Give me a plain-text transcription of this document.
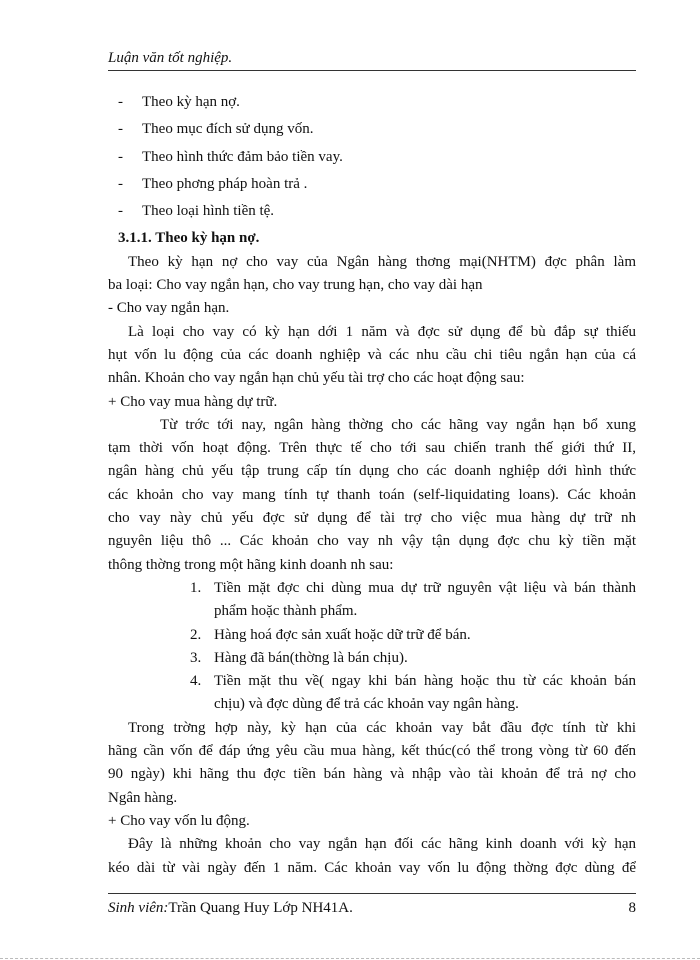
Luận văn tốt nghiệp.
- Theo kỳ hạn nợ.
- Theo mục đích sử dụng vốn.
- Theo hình thức đảm bảo tiền vay.
- Theo phơng pháp hoàn trả .
- Theo loại hình tiền tệ.
3.1.1. Theo kỳ hạn nợ.
Theo kỳ hạn nợ cho vay của Ngân hàng thơng mại(NHTM) đợc phân làm
ba loại: Cho vay ngắn hạn, cho vay trung hạn, cho vay dài hạn
- Cho vay ngắn hạn.
Là loại cho vay có kỳ hạn dới 1 năm và đợc sử dụng để bù đắp sự thiếu
hụt vốn lu động của các doanh nghiệp và các nhu cầu chi tiêu ngắn hạn của cá
nhân. Khoản cho vay ngắn hạn chủ yếu tài trợ cho các hoạt động sau:
+ Cho vay mua hàng dự trữ.
Từ trớc tới nay, ngân hàng thờng cho các hãng vay ngắn hạn bổ xung
tạm thời vốn hoạt động. Trên thực tế cho tới sau chiến tranh thế giới thứ II,
ngân hàng chủ yếu tập trung cấp tín dụng cho các doanh nghiệp dới hình thức
các khoản cho vay mang tính tự thanh toán (self-liquidating loans). Các khoản
cho vay này chủ yếu đợc sử dụng để tài trợ cho việc mua hàng dự trữ nh
nguyên liệu thô ... Các khoản cho vay nh vậy tận dụng đợc chu kỳ tiền mặt
thông thờng trong một hãng kinh doanh nh sau:
1. Tiền mặt đợc chi dùng mua dự trữ nguyên vật liệu và bán thành
phẩm hoặc thành phẩm.
2. Hàng hoá đợc sản xuất hoặc dữ trữ để bán.
3. Hàng đã bán(thờng là bán chịu).
4. Tiền mặt thu về( ngay khi bán hàng hoặc thu từ các khoản bán
chịu) và đợc dùng để trả các khoản vay ngân hàng.
Trong trờng hợp này, kỳ hạn của các khoản vay bắt đầu đợc tính từ khi
hãng cần vốn để đáp ứng yêu cầu mua hàng, kết thúc(có thể trong vòng từ 60 đến
90 ngày) khi hãng thu đợc tiền bán hàng và nhập vào tài khoản để trả nợ cho
Ngân hàng.
+ Cho vay vốn lu động.
Đây là những khoản cho vay ngắn hạn đối các hãng kinh doanh với kỳ hạn
kéo dài từ vài ngày đến 1 năm. Các khoản vay vốn lu động thờng đợc dùng để
Sinh viên:Trần Quang Huy Lớp NH41A.	8
